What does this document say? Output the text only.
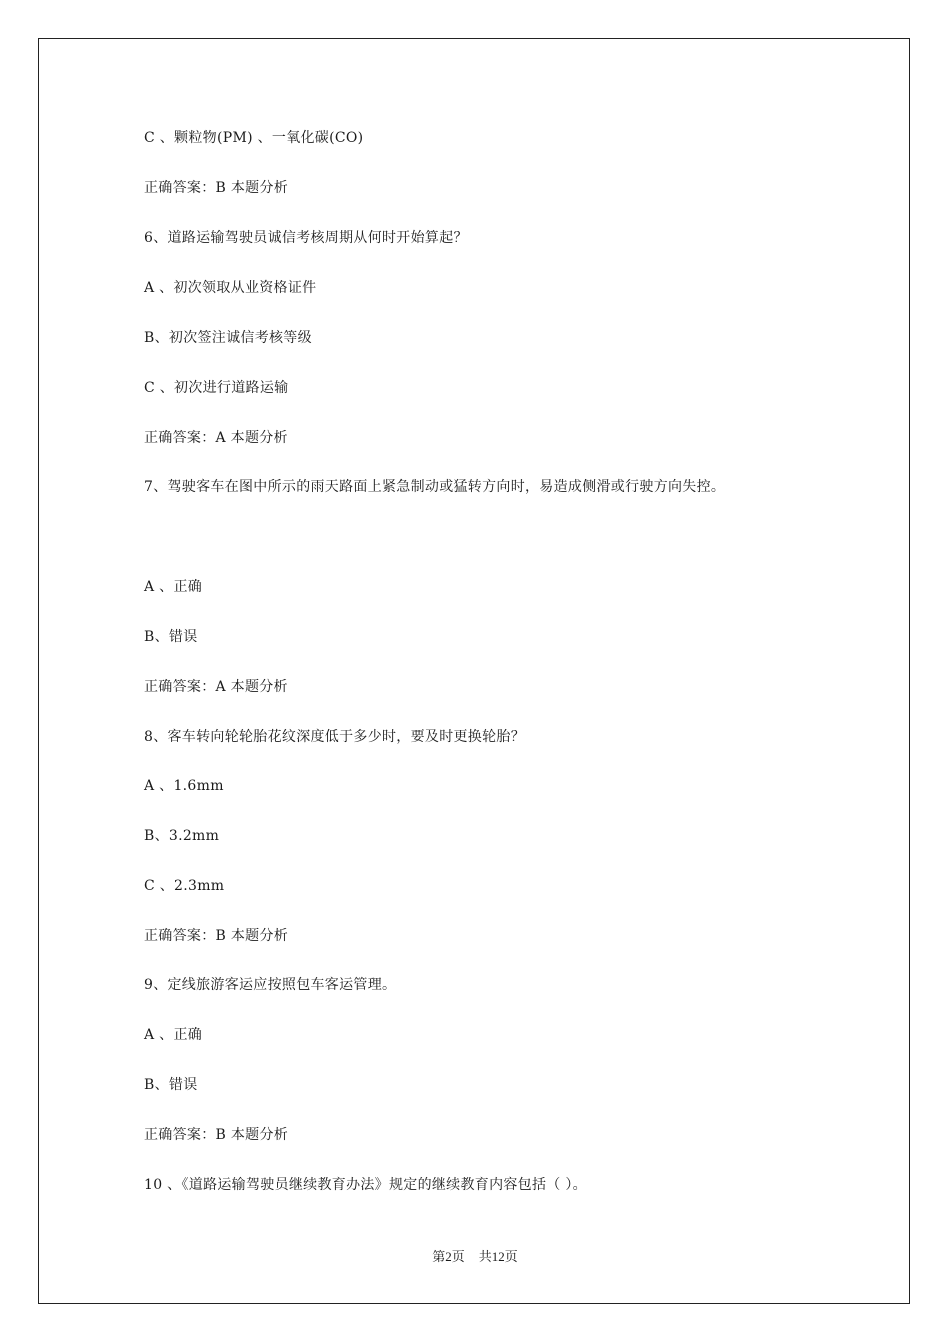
C 、颗粒物(PM) 、一氧化碳(CO)
正确答案：B 本题分析
6、道路运输驾驶员诚信考核周期从何时开始算起？
A 、初次领取从业资格证件
B、初次签注诚信考核等级
C 、初次进行道路运输
正确答案：A 本题分析
7、驾驶客车在图中所示的雨天路面上紧急制动或猛转方向时，易造成侧滑或行驶方向失控。
A 、正确
B、错误
正确答案：A 本题分析
8、客车转向轮轮胎花纹深度低于多少时，要及时更换轮胎？
A 、1.6mm
B、3.2mm
C 、2.3mm
正确答案：B 本题分析
9、定线旅游客运应按照包车客运管理。
A 、正确
B、错误
正确答案：B 本题分析
10 、《道路运输驾驶员继续教育办法》规定的继续教育内容包括（ ）。
第2页 共12页
